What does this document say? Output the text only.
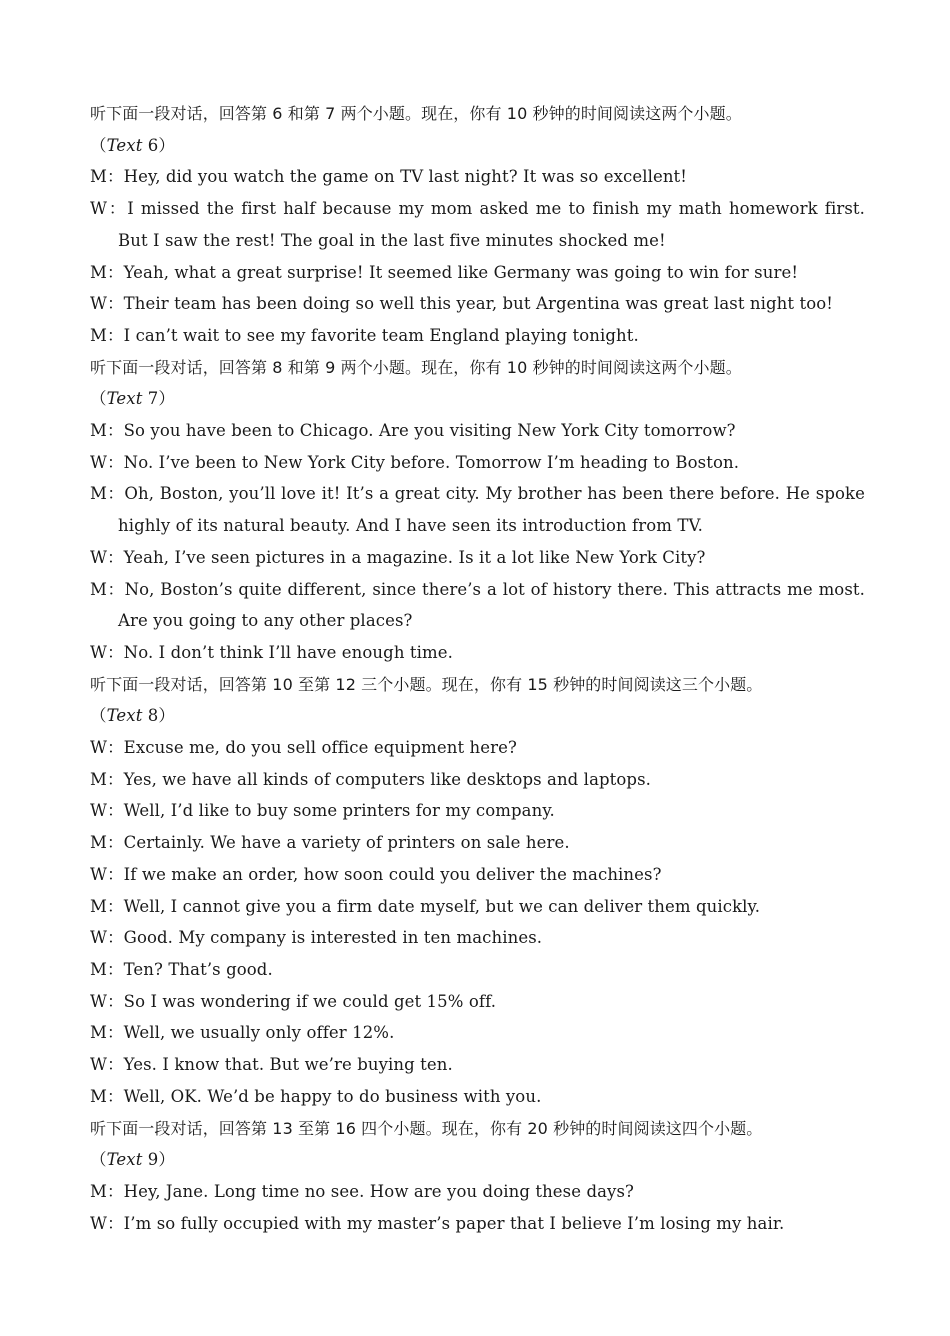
听下面一段对话，回答第 6 和第 7 两个小题。现在，你有 10 秒钟的时间阅读这两个小题。
（Text 6）
M：Hey, did you watch the game on TV last night? It was so excellent!
W：I missed the first half because my mom asked me to finish my math homework first. But I saw the rest! The goal in the last five minutes shocked me!
M：Yeah, what a great surprise! It seemed like Germany was going to win for sure!
W：Their team has been doing so well this year, but Argentina was great last night too!
M：I can’t wait to see my favorite team England playing tonight.
听下面一段对话，回答第 8 和第 9 两个小题。现在，你有 10 秒钟的时间阅读这两个小题。
（Text 7）
M：So you have been to Chicago. Are you visiting New York City tomorrow?
W：No. I’ve been to New York City before. Tomorrow I’m heading to Boston.
M：Oh, Boston, you’ll love it! It’s a great city. My brother has been there before. He spoke highly of its natural beauty. And I have seen its introduction from TV.
W：Yeah, I’ve seen pictures in a magazine. Is it a lot like New York City?
M：No, Boston’s quite different, since there’s a lot of history there. This attracts me most. Are you going to any other places?
W：No. I don’t think I’ll have enough time.
听下面一段对话，回答第 10 至第 12 三个小题。现在，你有 15 秒钟的时间阅读这三个小题。
（Text 8）
W：Excuse me, do you sell office equipment here?
M：Yes, we have all kinds of computers like desktops and laptops.
W：Well, I’d like to buy some printers for my company.
M：Certainly. We have a variety of printers on sale here.
W：If we make an order, how soon could you deliver the machines?
M：Well, I cannot give you a firm date myself, but we can deliver them quickly.
W：Good. My company is interested in ten machines.
M：Ten? That’s good.
W：So I was wondering if we could get 15% off.
M：Well, we usually only offer 12%.
W：Yes. I know that. But we’re buying ten.
M：Well, OK. We’d be happy to do business with you.
听下面一段对话，回答第 13 至第 16 四个小题。现在，你有 20 秒钟的时间阅读这四个小题。
（Text 9）
M：Hey, Jane. Long time no see. How are you doing these days?
W：I’m so fully occupied with my master’s paper that I believe I’m losing my hair.
